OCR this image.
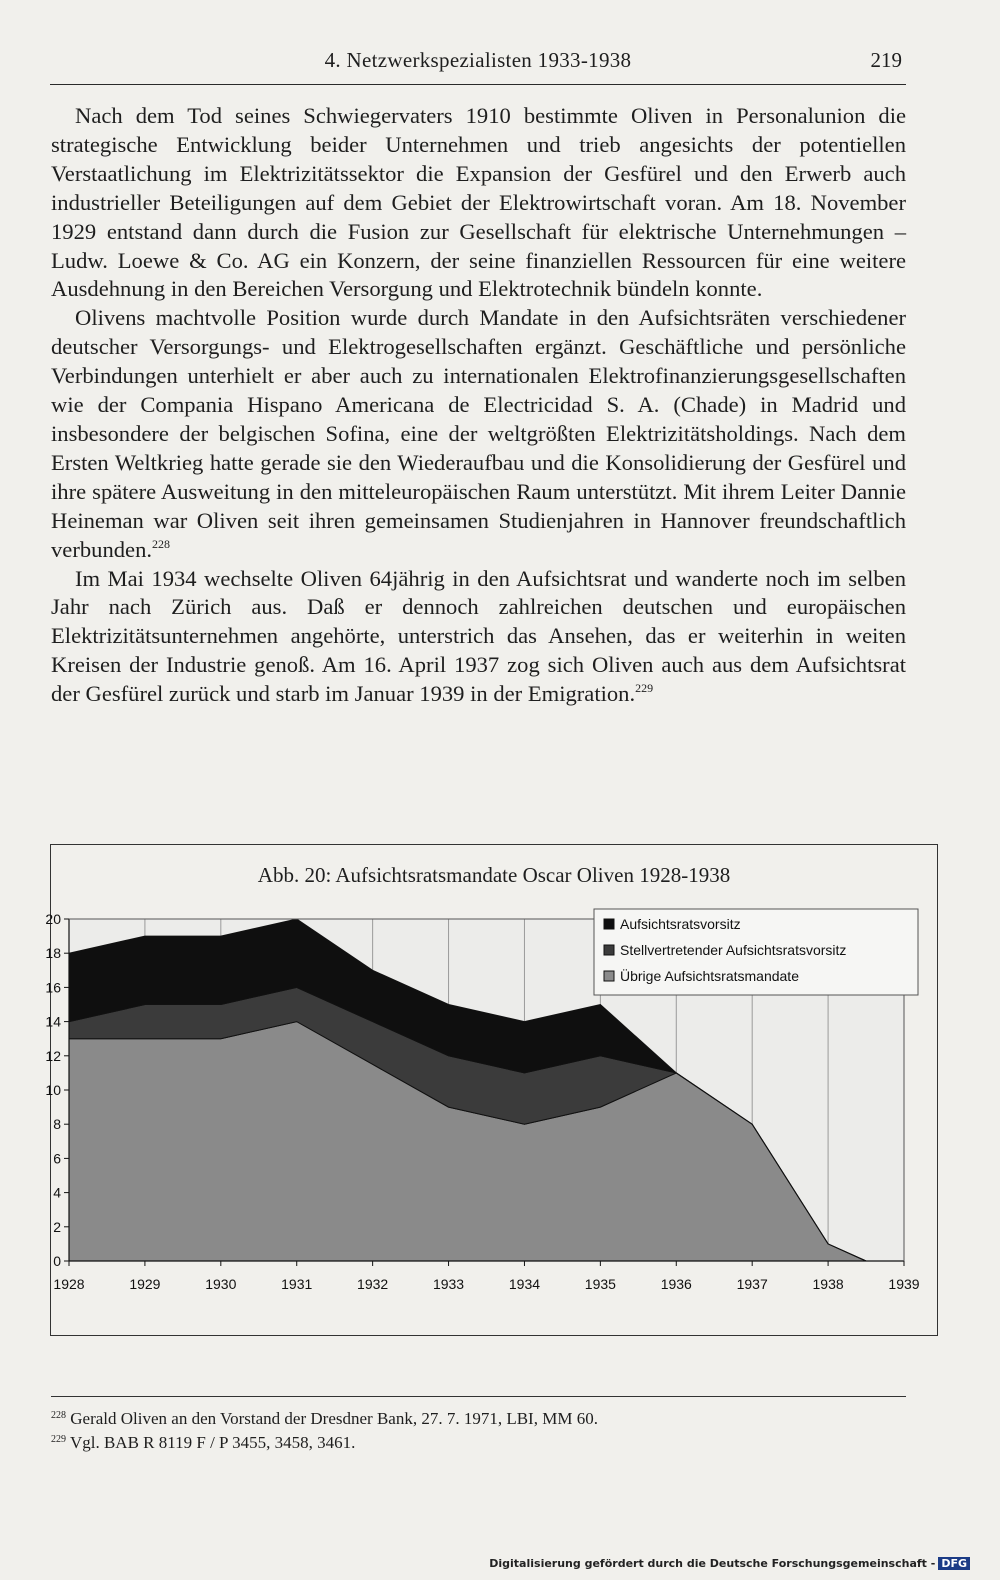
4. Netzwerkspezialisten 1933-1938	219

Nach dem Tod seines Schwiegervaters 1910 bestimmte Oliven in Personalunion die strategische Entwicklung beider Unternehmen und trieb angesichts der potentiellen Verstaatlichung im Elektrizitätssektor die Expansion der Gesfürel und den Erwerb auch industrieller Beteiligungen auf dem Gebiet der Elektrowirtschaft voran. Am 18. November 1929 entstand dann durch die Fusion zur Gesellschaft für elektrische Unternehmungen – Ludw. Loewe & Co. AG ein Konzern, der seine finanziellen Ressourcen für eine weitere Ausdehnung in den Bereichen Versorgung und Elektrotechnik bündeln konnte.

Olivens machtvolle Position wurde durch Mandate in den Aufsichtsräten verschiedener deutscher Versorgungs- und Elektrogesellschaften ergänzt. Geschäftliche und persönliche Verbindungen unterhielt er aber auch zu internationalen Elektrofinanzierungsgesellschaften wie der Compania Hispano Americana de Electricidad S. A. (Chade) in Madrid und insbesondere der belgischen Sofina, eine der weltgrößten Elektrizitätsholdings. Nach dem Ersten Weltkrieg hatte gerade sie den Wiederaufbau und die Konsolidierung der Gesfürel und ihre spätere Ausweitung in den mitteleuropäischen Raum unterstützt. Mit ihrem Leiter Dannie Heineman war Oliven seit ihren gemeinsamen Studienjahren in Hannover freundschaftlich verbunden.$^{228}$

Im Mai 1934 wechselte Oliven 64jährig in den Aufsichtsrat und wanderte noch im selben Jahr nach Zürich aus. Daß er dennoch zahlreichen deutschen und europäischen Elektrizitätsunternehmen angehörte, unterstrich das Ansehen, das er weiterhin in weiten Kreisen der Industrie genoß. Am 16. April 1937 zog sich Oliven auch aus dem Aufsichtsrat der Gesfürel zurück und starb im Januar 1939 in der Emigration.$^{229}$

Abb. 20: Aufsichtsratsmandate Oscar Oliven 1928-1938
0
2
4
6
8
10
12
14
16
18
20
1928	1929	1930	1931	1932	1933	1934	1935	1936	1937	1938	1939
Aufsichtsratsvorsitz
Stellvertretender Aufsichtsratsvorsitz
Übrige Aufsichtsratsmandate

$^{228}$ Gerald Oliven an den Vorstand der Dresdner Bank, 27. 7. 1971, LBI, MM 60.

$^{229}$ Vgl. BAB R 8119 F / P 3455, 3458, 3461.

Digitalisierung gefördert durch die Deutsche Forschungsgemeinschaft - DFG
